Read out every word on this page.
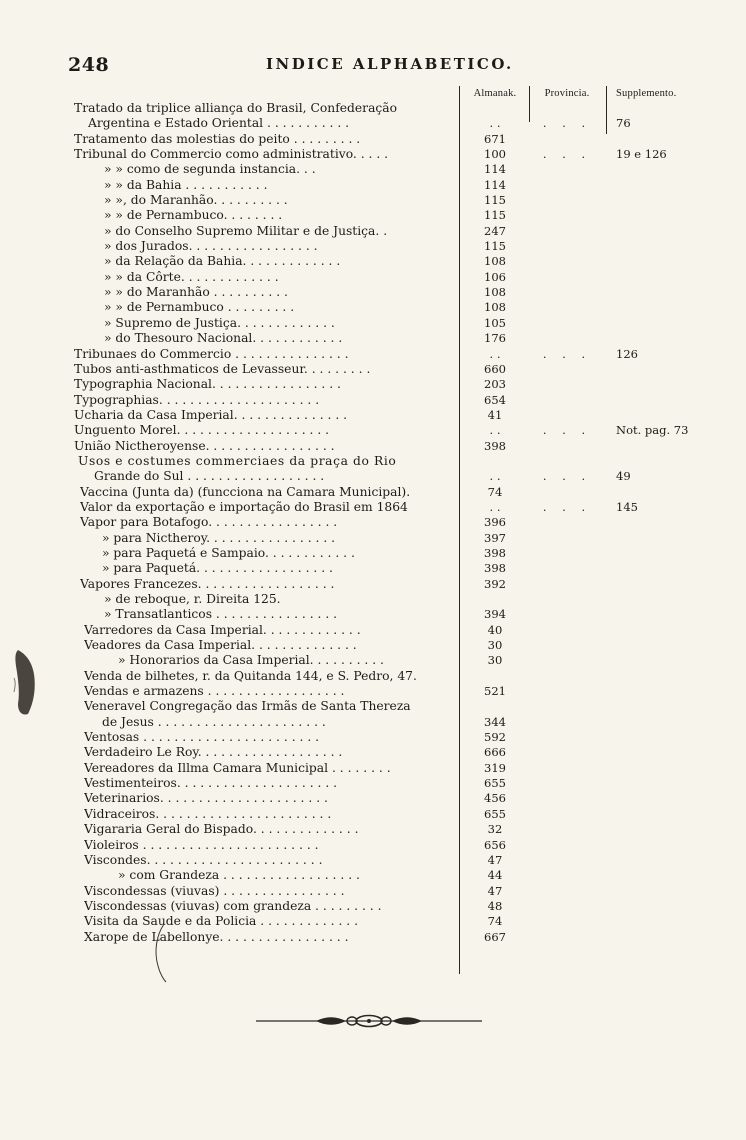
248	INDICE ALPHABETICO.
Almanak.	Provincia.	Supplemento.
Tratado da triplice alliança do Brasil, Confederação
Argentina e Estado Oriental . . . . . . . . . . .	. .	. . .	76
Tratamento das molestias do peito . . . . . . . . .	671
Tribunal do Commercio como administrativo. . . . .	100	. . .	19 e 126
» » como de segunda instancia. . .	114
» » da Bahia . . . . . . . . . . .	114
» », do Maranhão. . . . . . . . . .	115
» » de Pernambuco. . . . . . . .	115
» do Conselho Supremo Militar e de Justiça. .	247
» dos Jurados. . . . . . . . . . . . . . . . .	115
» da Relação da Bahia. . . . . . . . . . . . .	108
» » da Côrte. . . . . . . . . . . . .	106
» » do Maranhão . . . . . . . . . .	108
» » de Pernambuco . . . . . . . . .	108
» Supremo de Justiça. . . . . . . . . . . . .	105
» do Thesouro Nacional. . . . . . . . . . . .	176
Tribunaes do Commercio . . . . . . . . . . . . . . .	. .	. . .	126
Tubos anti-asthmaticos de Levasseur. . . . . . . . .	660
Typographia Nacional. . . . . . . . . . . . . . . . .	203
Typographias. . . . . . . . . . . . . . . . . . . . .	654
Ucharia da Casa Imperial. . . . . . . . . . . . . . .	41
Unguento Morel. . . . . . . . . . . . . . . . . . . .	. .	. . .	Not. pag. 73
União Nictheroyense. . . . . . . . . . . . . . . . .	398
Usos e costumes commerciaes da praça do Rio
Grande do Sul . . . . . . . . . . . . . . . . . .	. .	. . .	49
Vaccina (Junta da) (funcciona na Camara Municipal).	74
Valor da exportação e importação do Brasil em 1864	. .	. . .	145
Vapor para Botafogo. . . . . . . . . . . . . . . . .	396
» para Nictheroy. . . . . . . . . . . . . . . . .	397
» para Paquetá e Sampaio. . . . . . . . . . . .	398
» para Paquetá. . . . . . . . . . . . . . . . . .	398
Vapores Francezes. . . . . . . . . . . . . . . . . .	392
» de reboque, r. Direita 125.
» Transatlanticos . . . . . . . . . . . . . . . .	394
Varredores da Casa Imperial. . . . . . . . . . . . .	40
Veadores da Casa Imperial. . . . . . . . . . . . . .	30
» Honorarios da Casa Imperial. . . . . . . . . .	30
Venda de bilhetes, r. da Quitanda 144, e S. Pedro, 47.
Vendas e armazens . . . . . . . . . . . . . . . . . .	521
Veneravel Congregação das Irmãs de Santa Thereza
de Jesus . . . . . . . . . . . . . . . . . . . . . .	344
Ventosas . . . . . . . . . . . . . . . . . . . . . . .	592
Verdadeiro Le Roy. . . . . . . . . . . . . . . . . . .	666
Vereadores da Illma Camara Municipal . . . . . . . .	319
Vestimenteiros. . . . . . . . . . . . . . . . . . . . .	655
Veterinarios. . . . . . . . . . . . . . . . . . . . . .	456
Vidraceiros. . . . . . . . . . . . . . . . . . . . . . .	655
Vigararia Geral do Bispado. . . . . . . . . . . . . .	32
Violeiros . . . . . . . . . . . . . . . . . . . . . . .	656
Viscondes. . . . . . . . . . . . . . . . . . . . . . .	47
» com Grandeza . . . . . . . . . . . . . . . . . .	44
Viscondessas (viuvas) . . . . . . . . . . . . . . . .	47
Viscondessas (viuvas) com grandeza . . . . . . . . .	48
Visita da Saude e da Policia . . . . . . . . . . . . .	74
Xarope de Labellonye. . . . . . . . . . . . . . . . .	667
